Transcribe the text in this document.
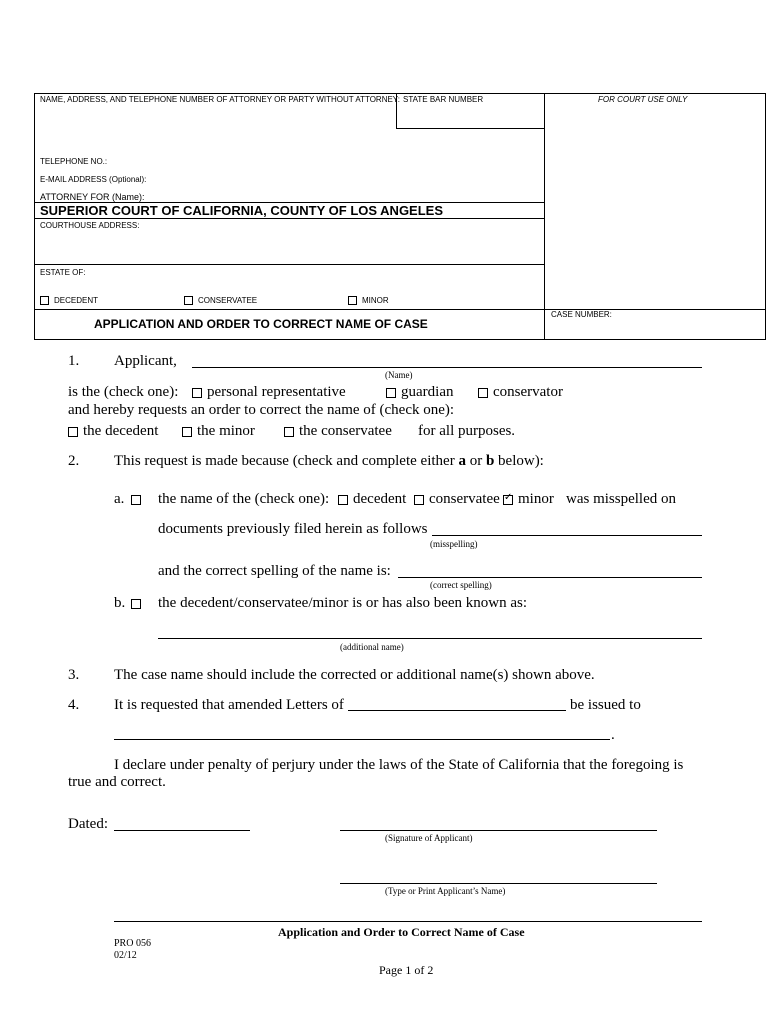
NAME, ADDRESS, AND TELEPHONE NUMBER OF ATTORNEY OR PARTY WITHOUT ATTORNEY: STATE BAR NUMBER	FOR COURT USE ONLY
TELEPHONE NO.:
E-MAIL ADDRESS (Optional):
ATTORNEY FOR (Name):
SUPERIOR COURT OF CALIFORNIA, COUNTY OF LOS ANGELES
COURTHOUSE ADDRESS:
ESTATE OF:
DECEDENT	CONSERVATEE	MINOR
APPLICATION AND ORDER TO CORRECT NAME OF CASE
CASE NUMBER:
1. Applicant,
(Name)
is the (check one):	personal representative	guardian	conservator
and hereby requests an order to correct the name of (check one):
the decedent	the minor	the conservatee for all purposes.
2. This request is made because (check and complete either a or b below):
a. the name of the (check one):	decedent	conservatee
✓	minor was misspelled on
documents previously filed herein as follows
(misspelling)
and the correct spelling of the name is:
(correct spelling)
b. the decedent/conservatee/minor is or has also been known as:
(additional name)
3. The case name should include the corrected or additional name(s) shown above.
4. It is requested that amended Letters of	be issued to
.
I declare under penalty of perjury under the laws of the State of California that the foregoing is
true and correct.
Dated:
(Signature of Applicant)
(Type or Print Applicant’s Name)
Application and Order to Correct Name of Case
PRO 056
02/12
Page 1 of 2
